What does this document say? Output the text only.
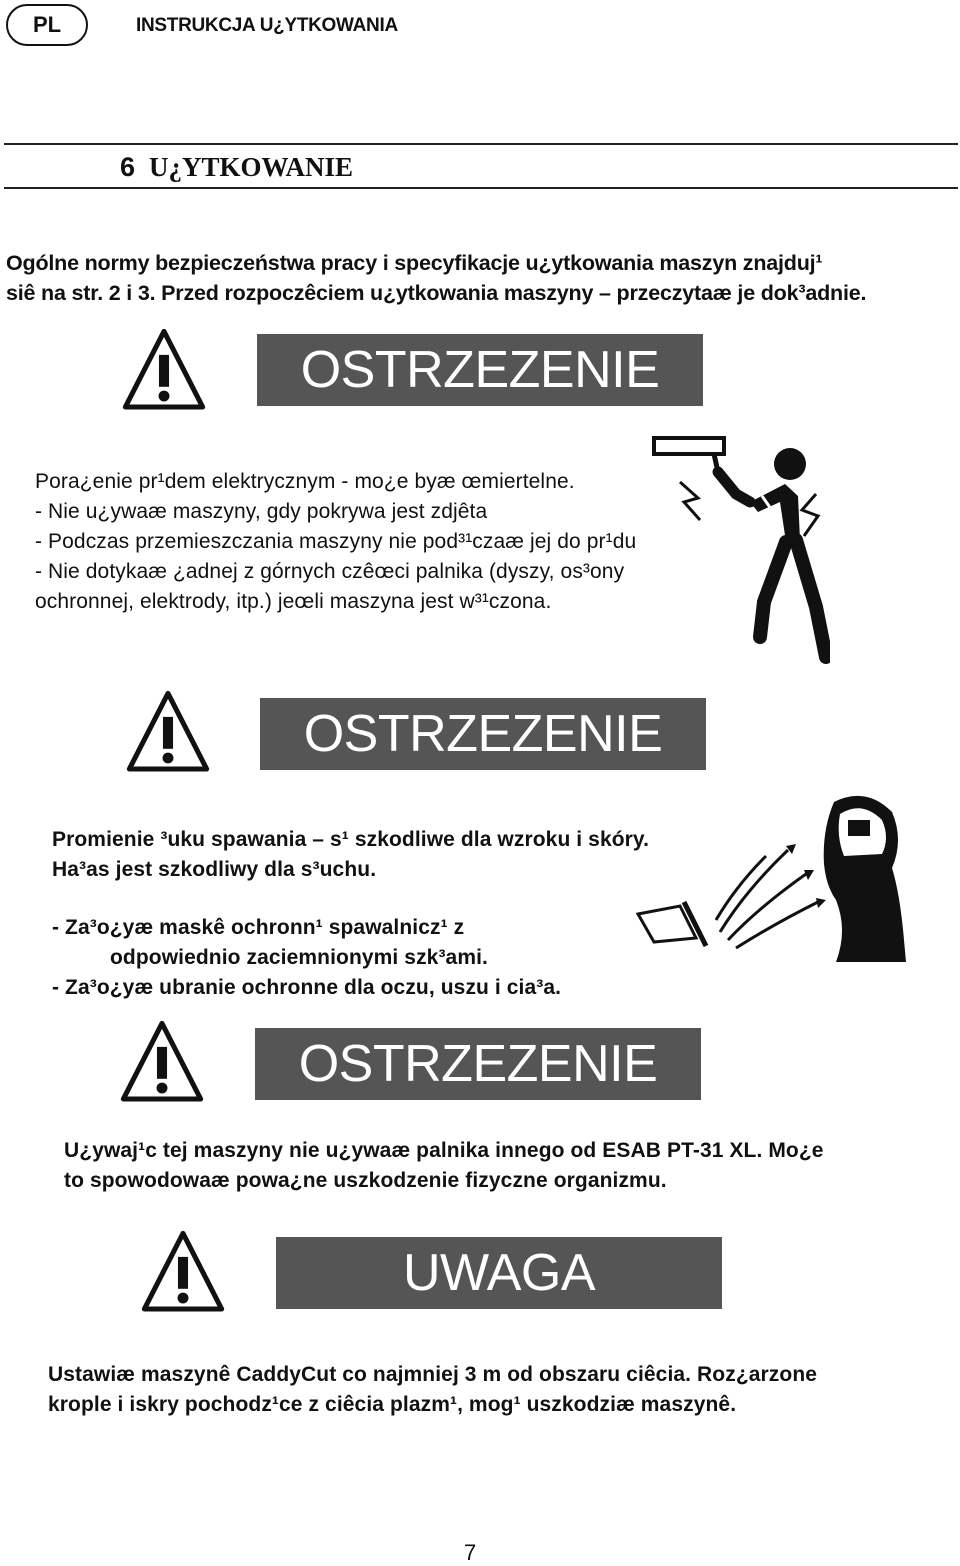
PL	INSTRUKCJA U¿YTKOWANIA
6 U¿YTKOWANIE

Ogólne normy bezpieczeństwa pracy i specyfikacje u¿ytkowania maszyn znajduj¹

siê na str. 2 i 3. Przed rozpoczêciem u¿ytkowania maszyny – przeczytaæ je dok³adnie.

OSTRZEZENIE

Pora¿enie pr¹dem elektrycznym - mo¿e byæ œmiertelne.

- Nie u¿ywaæ maszyny, gdy pokrywa jest zdjêta

- Podczas przemieszczania maszyny nie pod³¹czaæ jej do pr¹du

- Nie dotykaæ ¿adnej z górnych czêœci palnika (dyszy, os³ony

ochronnej, elektrody, itp.) jeœli maszyna jest w³¹czona.

OSTRZEZENIE

Promienie ³uku spawania – s¹ szkodliwe dla wzroku i skóry.

Ha³as jest szkodliwy dla s³uchu.

- Za³o¿yæ maskê ochronn¹ spawalnicz¹ z

odpowiednio zaciemnionymi szk³ami.

- Za³o¿yæ ubranie ochronne dla oczu, uszu i cia³a.

OSTRZEZENIE

U¿ywaj¹c tej maszyny nie u¿ywaæ palnika innego od ESAB PT-31 XL. Mo¿e

to spowodowaæ powa¿ne uszkodzenie fizyczne organizmu.

UWAGA

Ustawiæ maszynê CaddyCut co najmniej 3 m od obszaru ciêcia. Roz¿arzone

krople i iskry pochodz¹ce z ciêcia plazm¹, mog¹ uszkodziæ maszynê.

7
